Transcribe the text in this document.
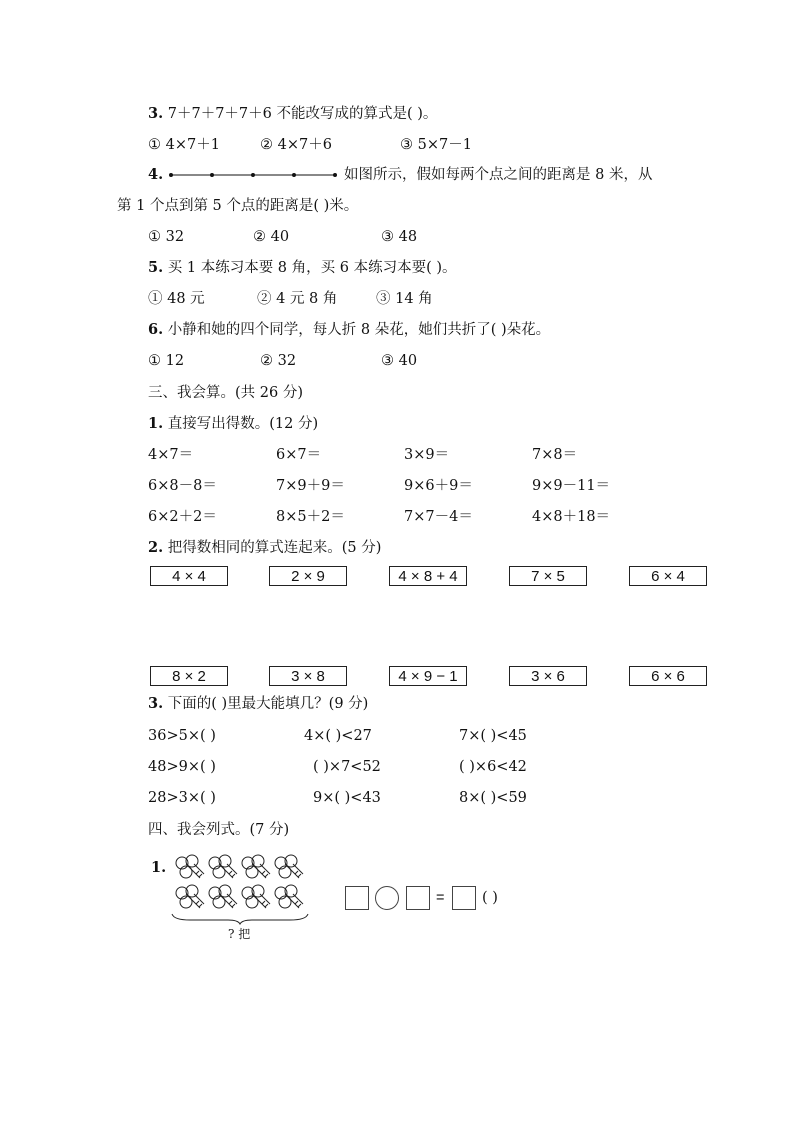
3. 7＋7＋7＋7＋6 不能改写成的算式是( )。
① 4×7＋1	② 4×7＋6	③ 5×7－1
4.	如图所示，假如每两个点之间的距离是 8 米，从
第 1 个点到第 5 个点的距离是( )米。
① 32	② 40	③ 48
5. 买 1 本练习本要 8 角，买 6 本练习本要( )。
① 48 元	② 4 元 8 角	③ 14 角
6. 小静和她的四个同学，每人折 8 朵花，她们共折了( )朵花。
① 12	② 32	③ 40
三、我会算。(共 26 分)
1. 直接写出得数。(12 分)
4×7＝	6×7＝	3×9＝	7×8＝
6×8－8＝	7×9＋9＝	9×6＋9＝	9×9－11＝
6×2＋2＝	8×5＋2＝	7×7－4＝	4×8＋18＝
2. 把得数相同的算式连起来。(5 分)
4 × 4	2 × 9	4 × 8 + 4	7 × 5	6 × 4
8 × 2	3 × 8	4 × 9 − 1	3 × 6	6 × 6
3. 下面的( )里最大能填几？(9 分)
36>5×( )	4×( )<27	7×( )<45
48>9×( )	( )×7<52	( )×6<42
28>3×( )	9×( )<43	8×( )<59
四、我会列式。(7 分)
1.
? 把
=	( )
